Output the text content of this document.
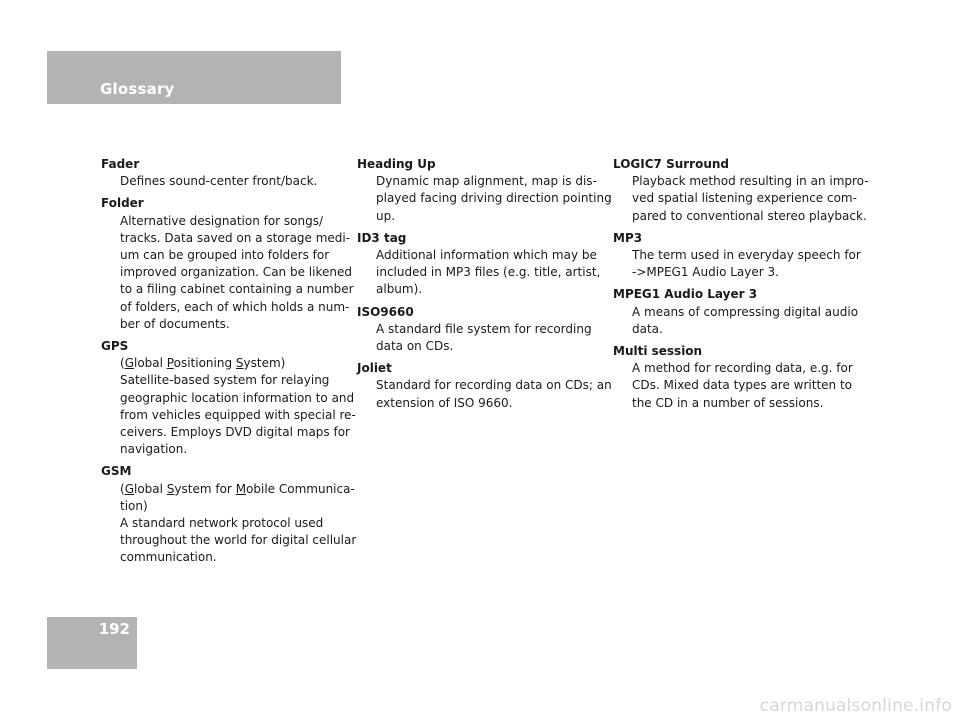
Glossary
Fader
Defines sound-center front/back.
Folder
Alternative designation for songs/
tracks. Data saved on a storage medi-
um can be grouped into folders for
improved organization. Can be likened
to a filing cabinet containing a number
of folders, each of which holds a num-
ber of documents.
GPS
(Global Positioning System)
Satellite-based system for relaying
geographic location information to and
from vehicles equipped with special re-
ceivers. Employs DVD digital maps for
navigation.
GSM
(Global System for Mobile Communica-
tion)
A standard network protocol used
throughout the world for digital cellular
communication.
Heading Up
Dynamic map alignment, map is dis-
played facing driving direction pointing
up.
ID3 tag
Additional information which may be
included in MP3 files (e.g. title, artist,
album).
ISO9660
A standard file system for recording
data on CDs.
Joliet
Standard for recording data on CDs; an
extension of ISO 9660.
LOGIC7 Surround
Playback method resulting in an impro-
ved spatial listening experience com-
pared to conventional stereo playback.
MP3
The term used in everyday speech for
->MPEG1 Audio Layer 3.
MPEG1 Audio Layer 3
A means of compressing digital audio
data.
Multi session
A method for recording data, e.g. for
CDs. Mixed data types are written to
the CD in a number of sessions.
192
carmanualsonline.info
